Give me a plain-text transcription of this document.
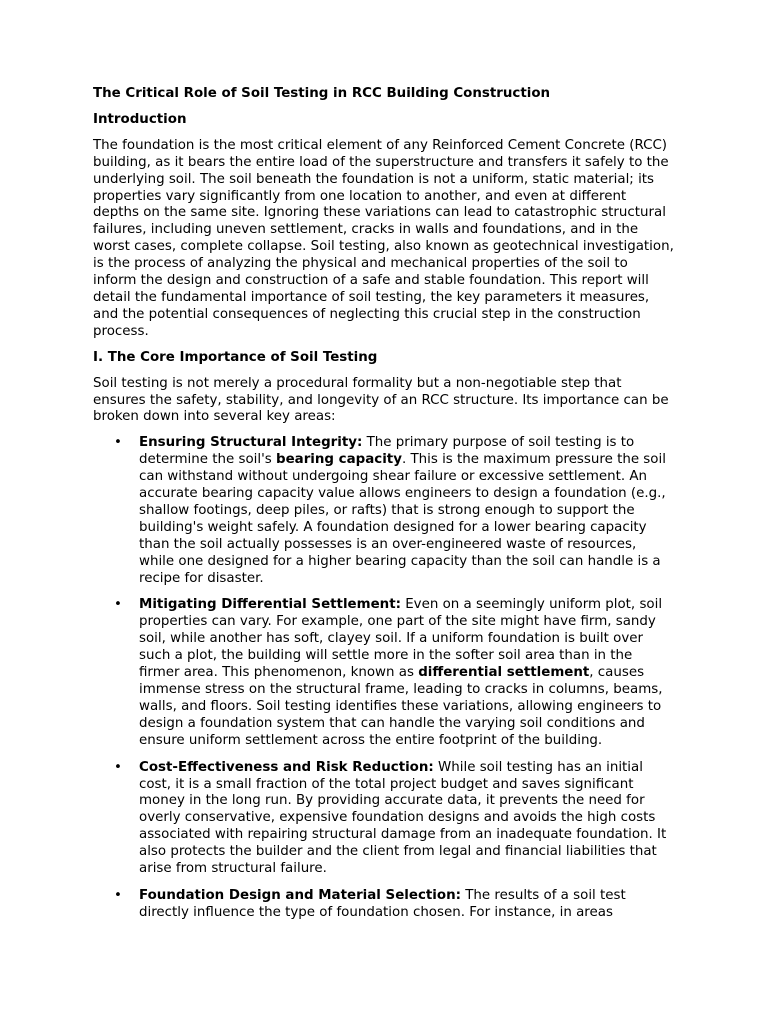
The Critical Role of Soil Testing in RCC Building Construction
Introduction

The foundation is the most critical element of any Reinforced Cement Concrete (RCC) building, as it bears the entire load of the superstructure and transfers it safely to the underlying soil. The soil beneath the foundation is not a uniform, static material; its properties vary significantly from one location to another, and even at different depths on the same site. Ignoring these variations can lead to catastrophic structural failures, including uneven settlement, cracks in walls and foundations, and in the worst cases, complete collapse. Soil testing, also known as geotechnical investigation, is the process of analyzing the physical and mechanical properties of the soil to inform the design and construction of a safe and stable foundation. This report will detail the fundamental importance of soil testing, the key parameters it measures, and the potential consequences of neglecting this crucial step in the construction process.

I. The Core Importance of Soil Testing

Soil testing is not merely a procedural formality but a non-negotiable step that ensures the safety, stability, and longevity of an RCC structure. Its importance can be broken down into several key areas:

• Ensuring Structural Integrity: The primary purpose of soil testing is to determine the soil's bearing capacity. This is the maximum pressure the soil can withstand without undergoing shear failure or excessive settlement. An accurate bearing capacity value allows engineers to design a foundation (e.g., shallow footings, deep piles, or rafts) that is strong enough to support the building's weight safely. A foundation designed for a lower bearing capacity than the soil actually possesses is an over-engineered waste of resources, while one designed for a higher bearing capacity than the soil can handle is a recipe for disaster.
• Mitigating Differential Settlement: Even on a seemingly uniform plot, soil properties can vary. For example, one part of the site might have firm, sandy soil, while another has soft, clayey soil. If a uniform foundation is built over such a plot, the building will settle more in the softer soil area than in the firmer area. This phenomenon, known as differential settlement, causes immense stress on the structural frame, leading to cracks in columns, beams, walls, and floors. Soil testing identifies these variations, allowing engineers to design a foundation system that can handle the varying soil conditions and ensure uniform settlement across the entire footprint of the building.
• Cost-Effectiveness and Risk Reduction: While soil testing has an initial cost, it is a small fraction of the total project budget and saves significant money in the long run. By providing accurate data, it prevents the need for overly conservative, expensive foundation designs and avoids the high costs associated with repairing structural damage from an inadequate foundation. It also protects the builder and the client from legal and financial liabilities that arise from structural failure.
• Foundation Design and Material Selection: The results of a soil test directly influence the type of foundation chosen. For instance, in areas
